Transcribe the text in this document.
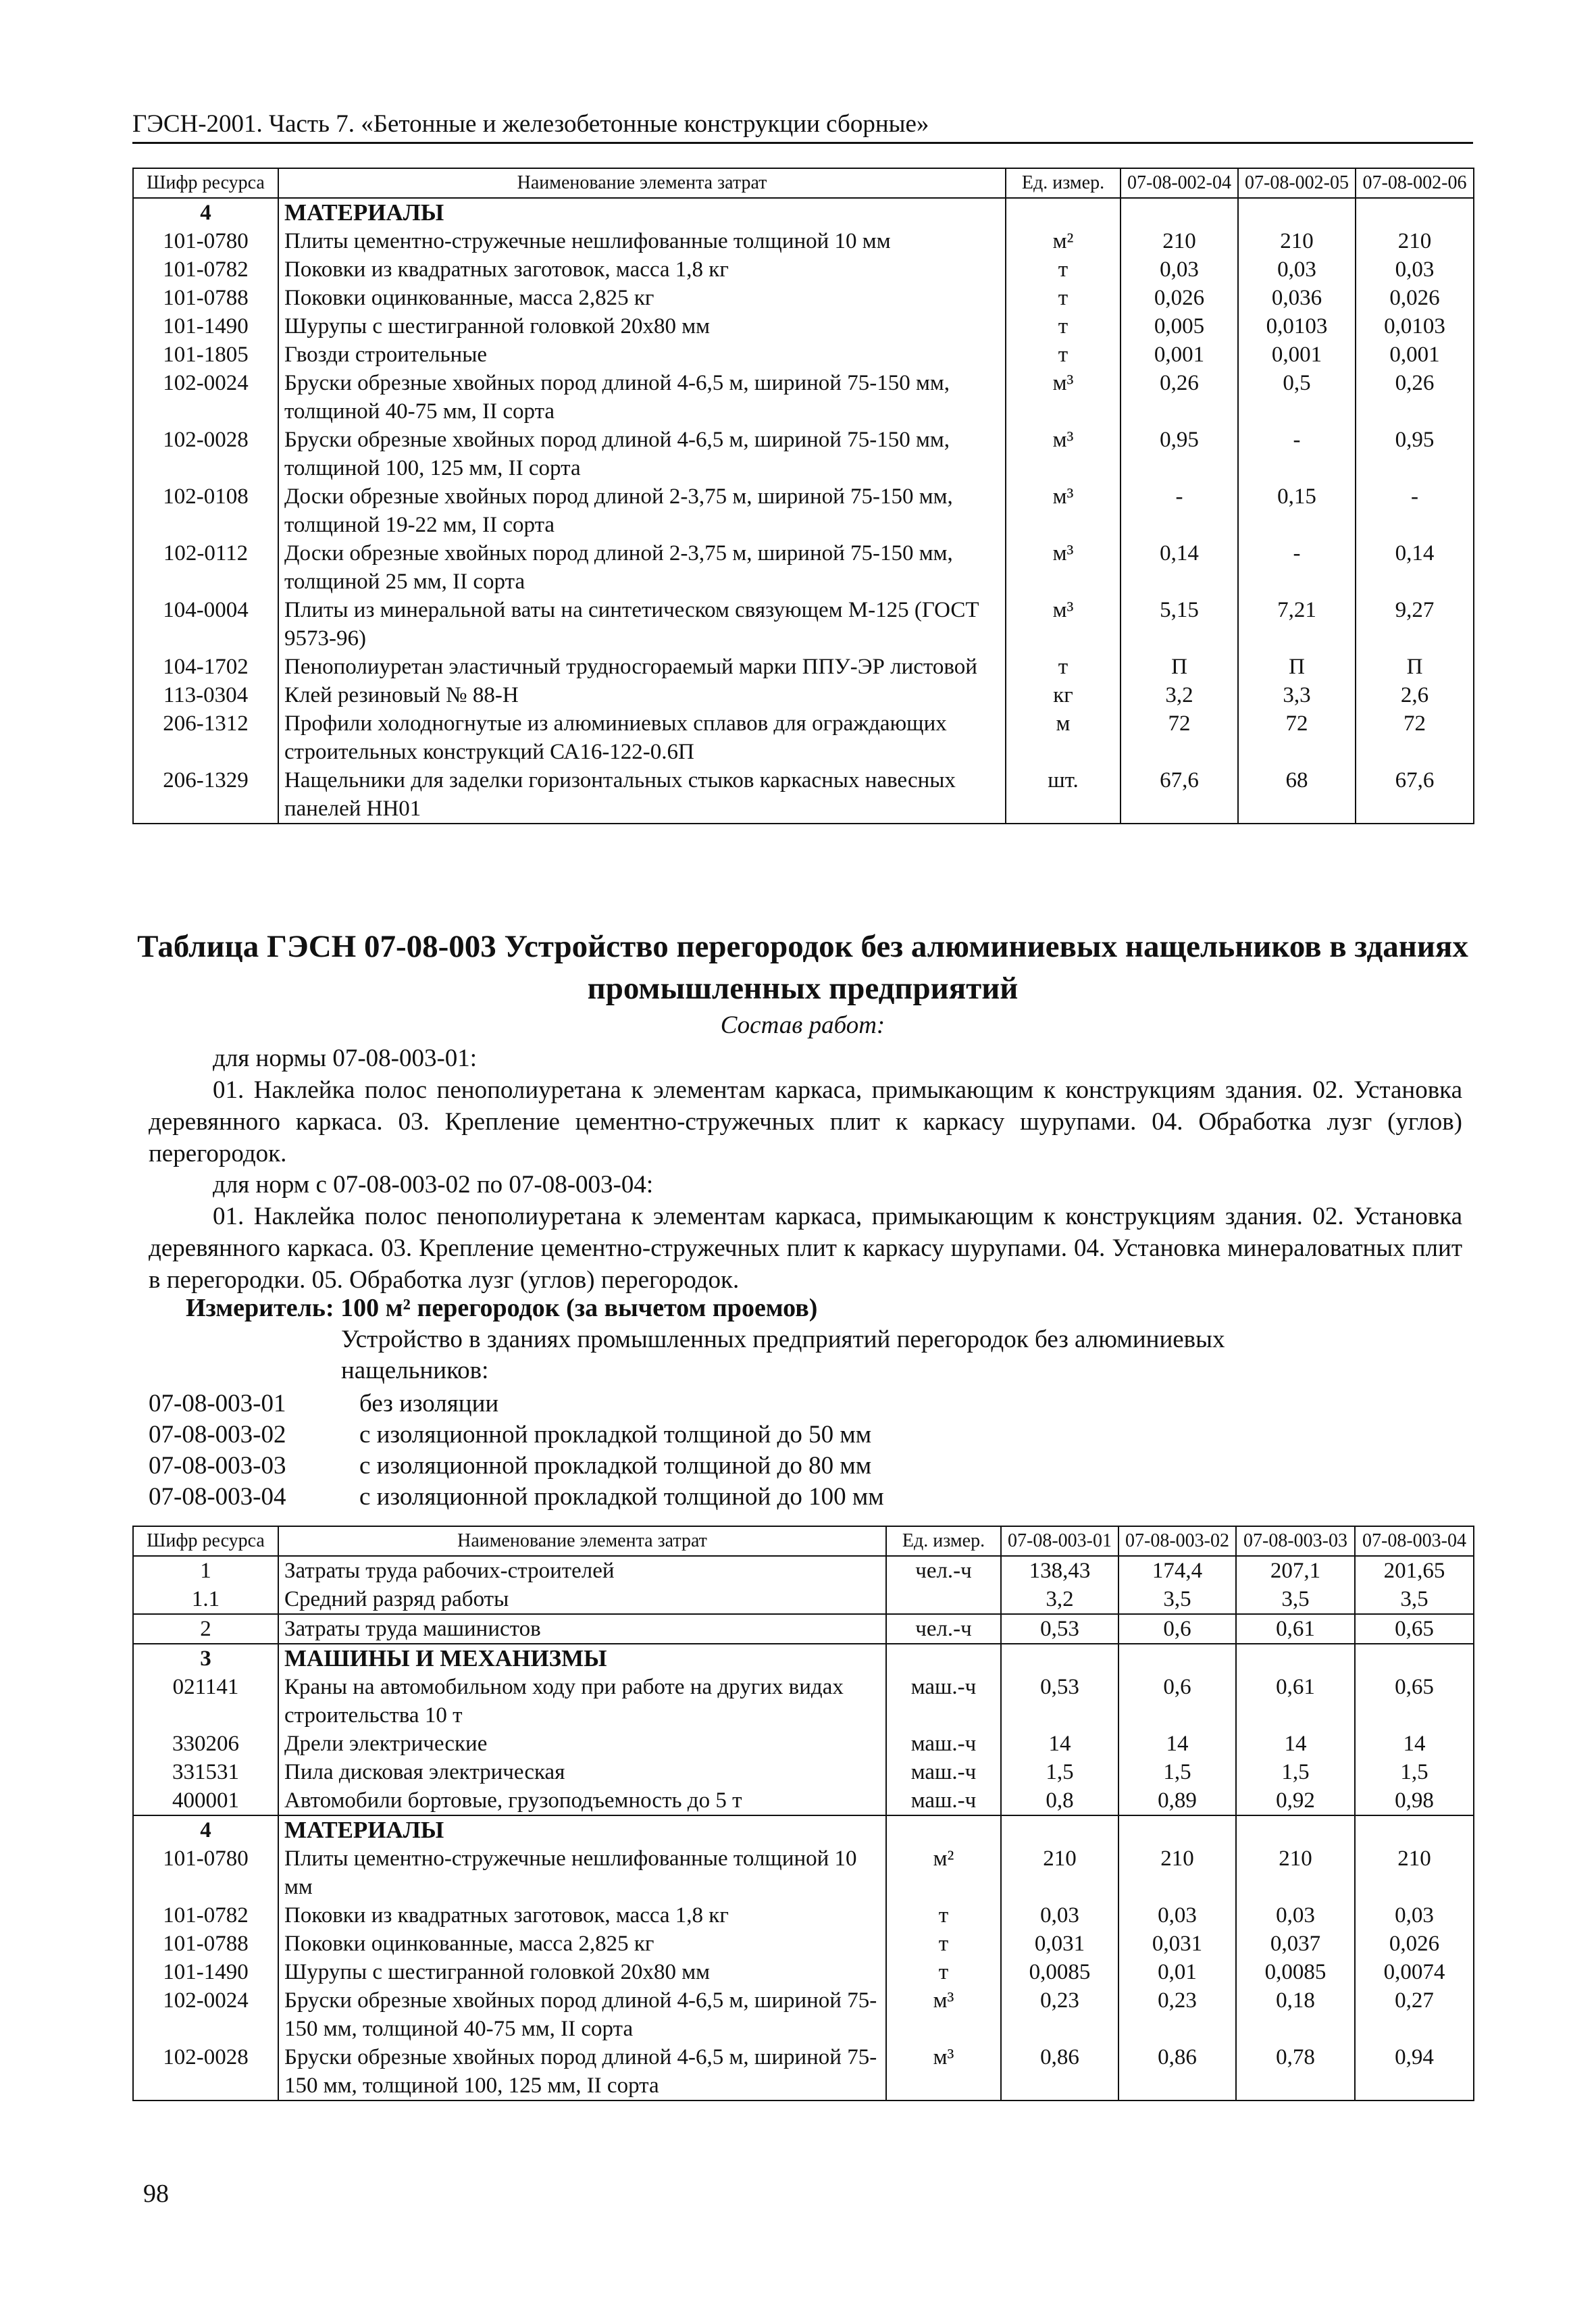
ГЭСН-2001. Часть 7. «Бетонные и железобетонные конструкции сборные»
Шифр ресурса	Наименование элемента затрат	Ед. измер.	07-08-002-04	07-08-002-05	07-08-002-06
4	МАТЕРИАЛЫ				
101-0780	Плиты цементно-стружечные нешлифованные толщиной 10 мм	м²	210	210	210
101-0782	Поковки из квадратных заготовок, масса 1,8 кг	т	0,03	0,03	0,03
101-0788	Поковки оцинкованные, масса 2,825 кг	т	0,026	0,036	0,026
101-1490	Шурупы с шестигранной головкой 20х80 мм	т	0,005	0,0103	0,0103
101-1805	Гвозди строительные	т	0,001	0,001	0,001
102-0024	Бруски обрезные хвойных пород длиной 4-6,5 м, шириной 75-150 мм, толщиной 40-75 мм, II сорта	м³	0,26	0,5	0,26
102-0028	Бруски обрезные хвойных пород длиной 4-6,5 м, шириной 75-150 мм, толщиной 100, 125 мм, II сорта	м³	0,95	-	0,95
102-0108	Доски обрезные хвойных пород длиной 2-3,75 м, шириной 75-150 мм, толщиной 19-22 мм, II сорта	м³	-	0,15	-
102-0112	Доски обрезные хвойных пород длиной 2-3,75 м, шириной 75-150 мм, толщиной 25 мм, II сорта	м³	0,14	-	0,14
104-0004	Плиты из минеральной ваты на синтетическом связующем М-125 (ГОСТ 9573-96)	м³	5,15	7,21	9,27
104-1702	Пенополиуретан эластичный трудносгораемый марки ППУ-ЭР листовой	т	П	П	П
113-0304	Клей резиновый № 88-Н	кг	3,2	3,3	2,6
206-1312	Профили холодногнутые из алюминиевых сплавов для ограждающих строительных конструкций СА16-122-0.6П	м	72	72	72
206-1329	Нащельники для заделки горизонтальных стыков каркасных навесных панелей НН01	шт.	67,6	68	67,6
Таблица ГЭСН 07-08-003 Устройство перегородок без алюминиевых нащельников в зданиях промышленных предприятий
Состав работ:
для нормы 07-08-003-01:
01. Наклейка полос пенополиуретана к элементам каркаса, примыкающим к конструкциям здания. 02. Установка деревянного каркаса. 03. Крепление цементно-стружечных плит к каркасу шурупами. 04. Обработка лузг (углов) перегородок.
для норм с 07-08-003-02 по 07-08-003-04:
01. Наклейка полос пенополиуретана к элементам каркаса, примыкающим к конструкциям здания. 02. Установка деревянного каркаса. 03. Крепление цементно-стружечных плит к каркасу шурупами. 04. Установка минераловатных плит в перегородки. 05. Обработка лузг (углов) перегородок.
Измеритель: 100 м² перегородок (за вычетом проемов)
Устройство в зданиях промышленных предприятий перегородок без алюминиевых нащельников:
07-08-003-01	без изоляции
07-08-003-02	с изоляционной прокладкой толщиной до 50 мм
07-08-003-03	с изоляционной прокладкой толщиной до 80 мм
07-08-003-04	с изоляционной прокладкой толщиной до 100 мм
Шифр ресурса	Наименование элемента затрат	Ед. измер.	07-08-003-01	07-08-003-02	07-08-003-03	07-08-003-04
1	Затраты труда рабочих-строителей	чел.-ч	138,43	174,4	207,1	201,65
1.1	Средний разряд работы		3,2	3,5	3,5	3,5
2	Затраты труда машинистов	чел.-ч	0,53	0,6	0,61	0,65
3	МАШИНЫ И МЕХАНИЗМЫ					
021141	Краны на автомобильном ходу при работе на других видах строительства 10 т	маш.-ч	0,53	0,6	0,61	0,65
330206	Дрели электрические	маш.-ч	14	14	14	14
331531	Пила дисковая электрическая	маш.-ч	1,5	1,5	1,5	1,5
400001	Автомобили бортовые, грузоподъемность до 5 т	маш.-ч	0,8	0,89	0,92	0,98
4	МАТЕРИАЛЫ					
101-0780	Плиты цементно-стружечные нешлифованные толщиной 10 мм	м²	210	210	210	210
101-0782	Поковки из квадратных заготовок, масса 1,8 кг	т	0,03	0,03	0,03	0,03
101-0788	Поковки оцинкованные, масса 2,825 кг	т	0,031	0,031	0,037	0,026
101-1490	Шурупы с шестигранной головкой 20х80 мм	т	0,0085	0,01	0,0085	0,0074
102-0024	Бруски обрезные хвойных пород длиной 4-6,5 м, шириной 75-150 мм, толщиной 40-75 мм, II сорта	м³	0,23	0,23	0,18	0,27
102-0028	Бруски обрезные хвойных пород длиной 4-6,5 м, шириной 75-150 мм, толщиной 100, 125 мм, II сорта	м³	0,86	0,86	0,78	0,94
98
